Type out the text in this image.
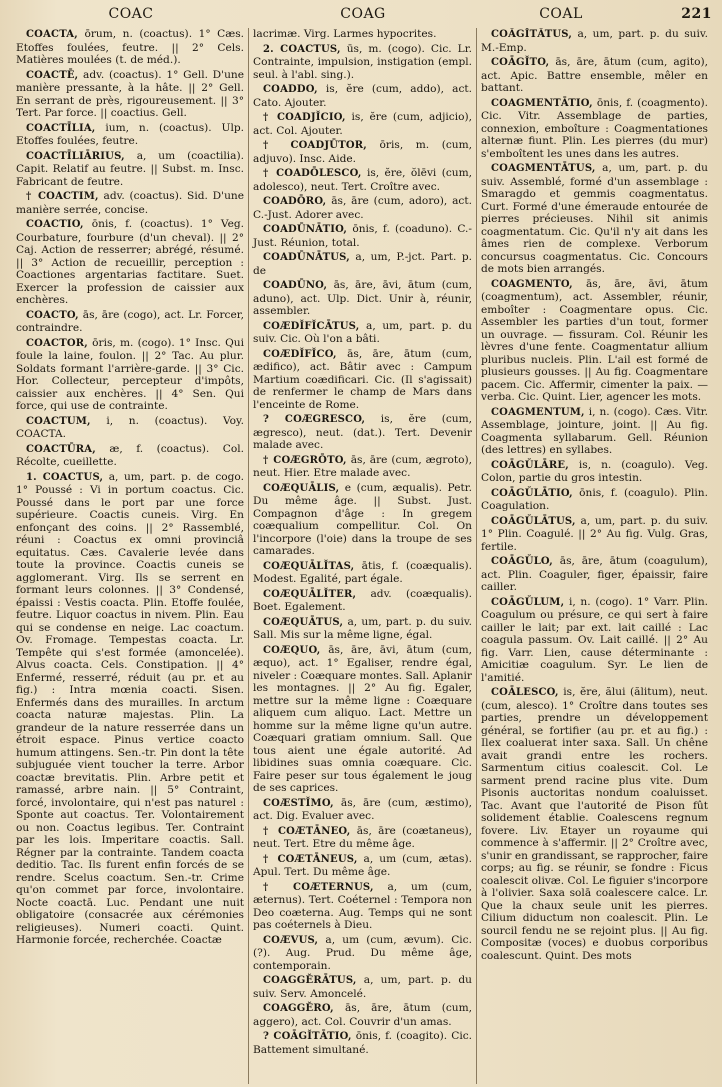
COAC	COAG	COAL	221

COACTA, ōrum, n. (coactus). 1° Cæs. Etoffes foulées, feutre. || 2° Cels. Matières moulées (t. de méd.).

COACTĒ, adv. (coactus). 1° Gell. D'une manière pressante, à la hâte. || 2° Gell. En serrant de près, rigoureusement. || 3° Tert. Par force. || coactius. Gell.

COACTĪLIA, ium, n. (coactus). Ulp. Etoffes foulées, feutre.

COACTĪLIĀRIUS, a, um (coactilia). Capit. Relatif au feutre. || Subst. m. Insc. Fabricant de feutre.

† COACTIM, adv. (coactus). Sid. D'une manière serrée, concise.

COACTIO, ōnis, f. (coactus). 1° Veg. Courbature, fourbure (d'un cheval). || 2° Caj. Action de resserrer; abrégé, résumé. || 3° Action de recueillir, perception : Coactiones argentarias factitare. Suet. Exercer la profession de caissier aux enchères.

COACTO, ās, āre (cogo), act. Lr. Forcer, contraindre.

COACTOR, ōris, m. (cogo). 1° Insc. Qui foule la laine, foulon. || 2° Tac. Au plur. Soldats formant l'arrière-garde. || 3° Cic. Hor. Collecteur, percepteur d'impôts, caissier aux enchères. || 4° Sen. Qui force, qui use de contrainte.

COACTUM, i, n. (coactus). Voy. COACTA.

COACTŪRA, æ, f. (coactus). Col. Récolte, cueillette.

1. COACTUS, a, um, part. p. de cogo. 1° Poussé : Vi in portum coactus. Cic. Poussé dans le port par une force supérieure. Coactis cuneis. Virg. En enfonçant des coins. || 2° Rassemblé, réuni : Coactus ex omni provinciâ equitatus. Cæs. Cavalerie levée dans toute la province. Coactis cuneis se agglomerant. Virg. Ils se serrent en formant leurs colonnes. || 3° Condensé, épaissi : Vestis coacta. Plin. Etoffe foulée, feutre. Liquor coactus in nivem. Plin. Eau qui se condense en neige. Lac coactum. Ov. Fromage. Tempestas coacta. Lr. Tempête qui s'est formée (amoncelée). Alvus coacta. Cels. Constipation. || 4° Enfermé, resserré, réduit (au pr. et au fig.) : Intra mœnia coacti. Sisen. Enfermés dans des murailles. In arctum coacta naturæ majestas. Plin. La grandeur de la nature resserrée dans un étroit espace. Pinus vertice coacto humum attingens. Sen.-tr. Pin dont la tête subjuguée vient toucher la terre. Arbor coactæ brevitatis. Plin. Arbre petit et ramassé, arbre nain. || 5° Contraint, forcé, involontaire, qui n'est pas naturel : Sponte aut coactus. Ter. Volontairement ou non. Coactus legibus. Ter. Contraint par les lois. Imperitare coactis. Sall. Régner par la contrainte. Tandem coacta deditio. Tac. Ils furent enfin forcés de se rendre. Scelus coactum. Sen.-tr. Crime qu'on commet par force, involontaire. Nocte coactā. Luc. Pendant une nuit obligatoire (consacrée aux cérémonies religieuses). Numeri coacti. Quint. Harmonie forcée, recherchée. Coactæ

lacrimæ. Virg. Larmes hypocrites.

2. COACTUS, ūs, m. (cogo). Cic. Lr. Contrainte, impulsion, instigation (empl. seul. à l'abl. sing.).

COADDO, is, ĕre (cum, addo), act. Cato. Ajouter.

† COADJĬCIO, is, ĕre (cum, adjicio), act. Col. Ajouter.

† COADJŪTOR, ōris, m. (cum, adjuvo). Insc. Aide.

† COADŌLESCO, is, ĕre, ŏlēvi (cum, adolesco), neut. Tert. Croître avec.

COADŌRO, ās, āre (cum, adoro), act. C.-Just. Adorer avec.

COADŪNĀTIO, ōnis, f. (coaduno). C.-Just. Réunion, total.

COADŪNĀTUS, a, um, P.-jct. Part. p. de

COADŪNO, ās, āre, āvi, ātum (cum, aduno), act. Ulp. Dict. Unir à, réunir, assembler.

COÆDĬFĬCĀTUS, a, um, part. p. du suiv. Cic. Où l'on a bâti.

COÆDĬFĬCO, ās, āre, ātum (cum, ædifico), act. Bâtir avec : Campum Martium coædificari. Cic. (Il s'agissait) de renfermer le champ de Mars dans l'enceinte de Rome.

? COÆGRESCO, is, ĕre (cum, ægresco), neut. (dat.). Tert. Devenir malade avec.

† COÆGRŌTO, ās, āre (cum, ægroto), neut. Hier. Etre malade avec.

COÆQUĀLIS, e (cum, æqualis). Petr. Du même âge. || Subst. Just. Compagnon d'âge : In gregem coæqualium compellitur. Col. On l'incorpore (l'oie) dans la troupe de ses camarades.

COÆQUĀLĬTAS, ātis, f. (coæqualis). Modest. Egalité, part égale.

COÆQUĀLĬTER, adv. (coæqualis). Boet. Egalement.

COÆQUĀTUS, a, um, part. p. du suiv. Sall. Mis sur la même ligne, égal.

COÆQUO, ās, āre, āvi, ātum (cum, æquo), act. 1° Egaliser, rendre égal, niveler : Coæquare montes. Sall. Aplanir les montagnes. || 2° Au fig. Egaler, mettre sur la même ligne : Coæquare aliquem cum aliquo. Lact. Mettre un homme sur la même ligne qu'un autre. Coæquari gratiam omnium. Sall. Que tous aient une égale autorité. Ad libidines suas omnia coæquare. Cic. Faire peser sur tous également le joug de ses caprices.

COÆSTĬMO, ās, āre (cum, æstimo), act. Dig. Evaluer avec.

† COÆTĀNEO, ās, āre (coætaneus), neut. Tert. Etre du même âge.

† COÆTĀNEUS, a, um (cum, ætas). Apul. Tert. Du même âge.

† COÆTERNUS, a, um (cum, æternus). Tert. Coéternel : Tempora non Deo coæterna. Aug. Temps qui ne sont pas coéternels à Dieu.

COÆVUS, a, um (cum, ævum). Cic. (?). Aug. Prud. Du même âge, contemporain.

COAGGĔRĀTUS, a, um, part. p. du suiv. Serv. Amoncelé.

COAGGĔRO, ās, āre, ātum (cum, aggero), act. Col. Couvrir d'un amas.

? COĀGĬTĀTIO, ōnis, f. (coagito). Cic. Battement simultané.

COĀGĬTĀTUS, a, um, part. p. du suiv. M.-Emp.

COĀGĬTO, ās, āre, ātum (cum, agito), act. Apic. Battre ensemble, mêler en battant.

COAGMENTĀTIO, ōnis, f. (coagmento). Cic. Vitr. Assemblage de parties, connexion, emboîture : Coagmentationes alternæ fiunt. Plin. Les pierres (du mur) s'emboîtent les unes dans les autres.

COAGMENTĀTUS, a, um, part. p. du suiv. Assemblé, formé d'un assemblage : Smaragdo et gemmis coagmentatus. Curt. Formé d'une émeraude entourée de pierres précieuses. Nihil sit animis coagmentatum. Cic. Qu'il n'y ait dans les âmes rien de complexe. Verborum concursus coagmentatus. Cic. Concours de mots bien arrangés.

COAGMENTO, ās, āre, āvi, ātum (coagmentum), act. Assembler, réunir, emboîter : Coagmentare opus. Cic. Assembler les parties d'un tout, former un ouvrage. — fissuram. Col. Réunir les lèvres d'une fente. Coagmentatur allium pluribus nucleis. Plin. L'ail est formé de plusieurs gousses. || Au fig. Coagmentare pacem. Cic. Affermir, cimenter la paix. — verba. Cic. Quint. Lier, agencer les mots.

COAGMENTUM, i, n. (cogo). Cæs. Vitr. Assemblage, jointure, joint. || Au fig. Coagmenta syllabarum. Gell. Réunion (des lettres) en syllabes.

COĀGŬLĀRE, is, n. (coagulo). Veg. Colon, partie du gros intestin.

COĀGŬLĀTIO, ōnis, f. (coagulo). Plin. Coagulation.

COĀGŬLĀTUS, a, um, part. p. du suiv. 1° Plin. Coagulé. || 2° Au fig. Vulg. Gras, fertile.

COĀGŬLO, ās, āre, ātum (coagulum), act. Plin. Coaguler, figer, épaissir, faire cailler.

COĀGŬLUM, i, n. (cogo). 1° Varr. Plin. Coagulum ou présure, ce qui sert à faire cailler le lait; par ext. lait caillé : Lac coagula passum. Ov. Lait caillé. || 2° Au fig. Varr. Lien, cause déterminante : Amicitiæ coagulum. Syr. Le lien de l'amitié.

COĀLESCO, is, ĕre, ălui (ălitum), neut. (cum, alesco). 1° Croître dans toutes ses parties, prendre un développement général, se fortifier (au pr. et au fig.) : Ilex coaluerat inter saxa. Sall. Un chêne avait grandi entre les rochers. Sarmentum citius coalescit. Col. Le sarment prend racine plus vite. Dum Pisonis auctoritas nondum coaluisset. Tac. Avant que l'autorité de Pison fût solidement établie. Coalescens regnum fovere. Liv. Etayer un royaume qui commence à s'affermir. || 2° Croître avec, s'unir en grandissant, se rapprocher, faire corps; au fig. se réunir, se fondre : Ficus coalescit olivæ. Col. Le figuier s'incorpore à l'olivier. Saxa solā coalescere calce. Lr. Que la chaux seule unit les pierres. Cilium diductum non coalescit. Plin. Le sourcil fendu ne se rejoint plus. || Au fig. Compositæ (voces) e duobus corporibus coalescunt. Quint. Des mots
